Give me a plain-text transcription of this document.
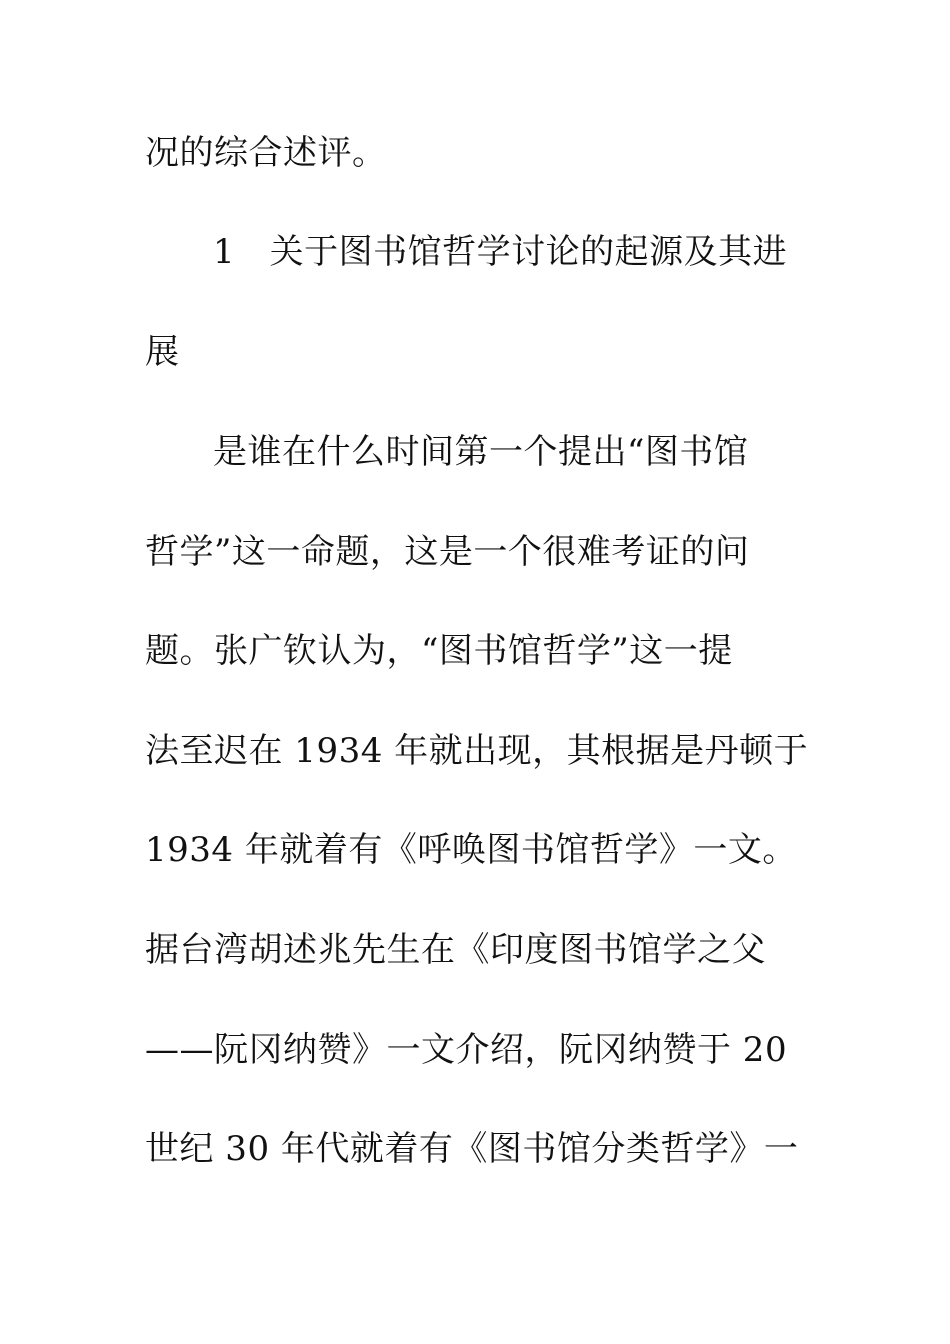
况的综合述评。
1　关于图书馆哲学讨论的起源及其进
展
是谁在什么时间第一个提出“图书馆
哲学”这一命题，这是一个很难考证的问
题。张广钦认为，“图书馆哲学”这一提
法至迟在 1934 年就出现，其根据是丹顿于
1934 年就着有《呼唤图书馆哲学》一文。
据台湾胡述兆先生在《印度图书馆学之父
——阮冈纳赞》一文介绍，阮冈纳赞于 20
世纪 30 年代就着有《图书馆分类哲学》一
